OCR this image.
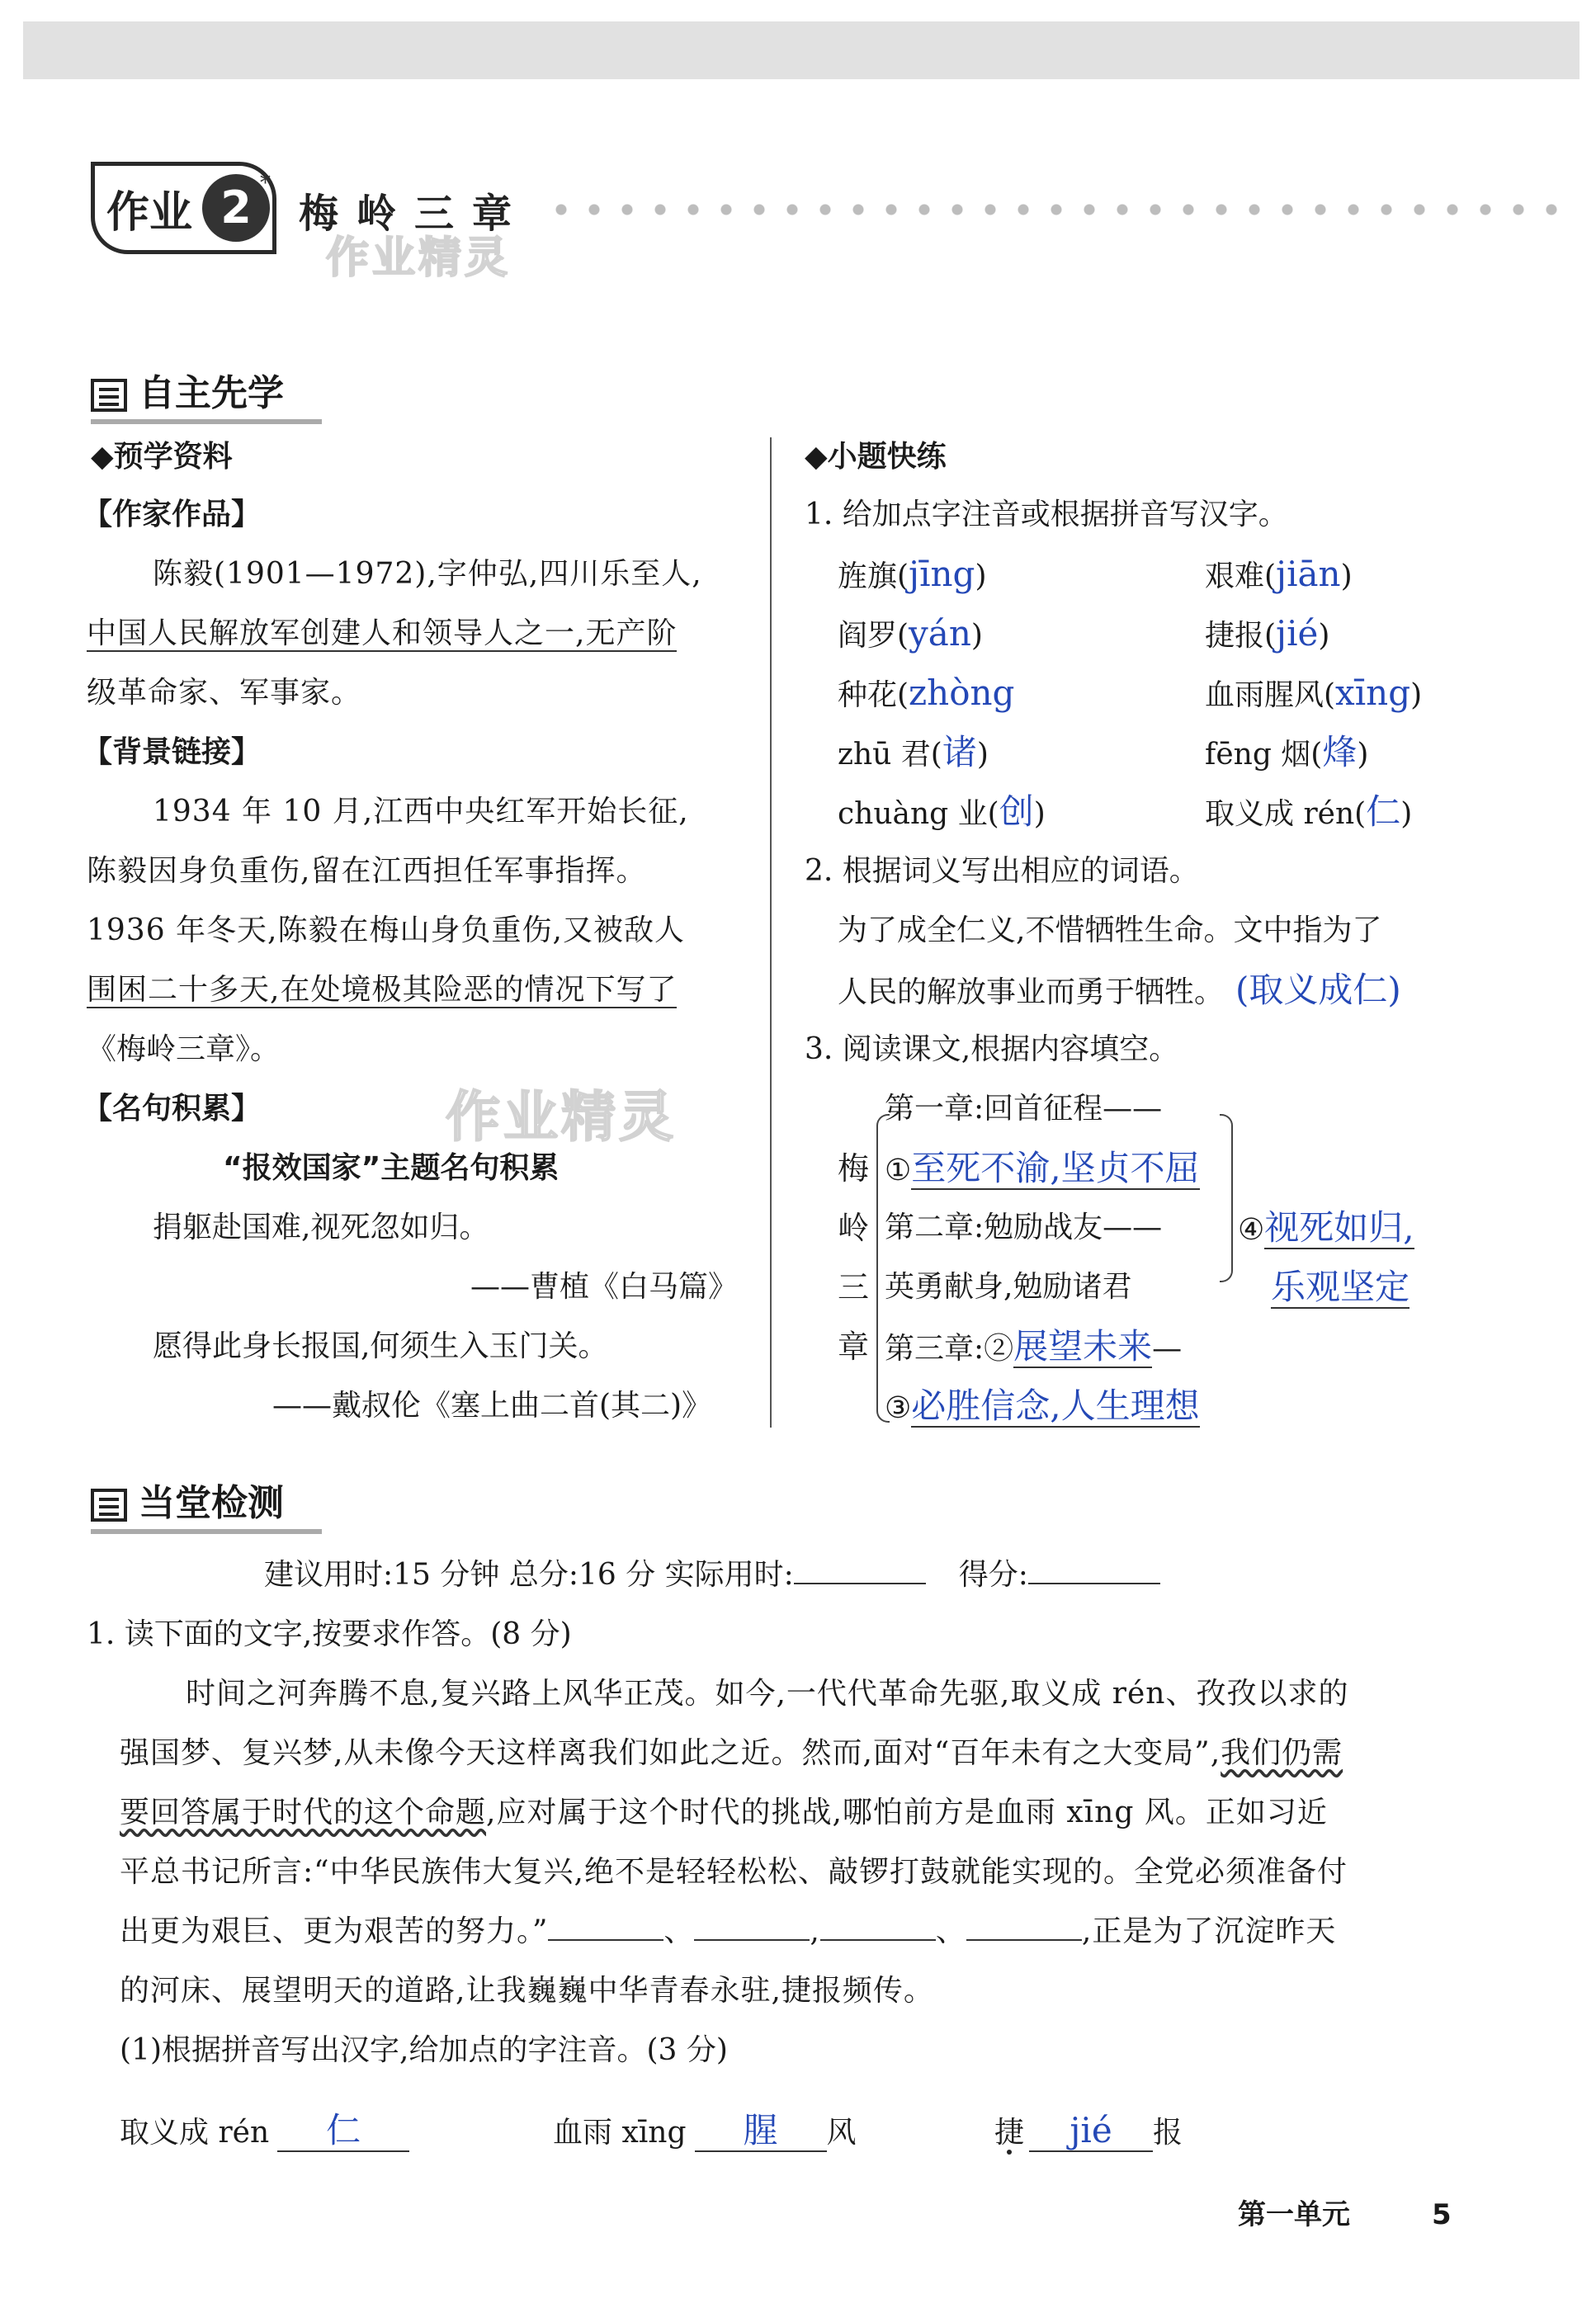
作业 2 *
梅岭三章
作业精灵
作业精灵
自主先学
◆预学资料
【作家作品】
陈毅(1901—1972),字仲弘,四川乐至人,
中国人民解放军创建人和领导人之一,无产阶
级革命家、军事家。
【背景链接】
1934 年 10 月,江西中央红军开始长征,
陈毅因身负重伤,留在江西担任军事指挥。
1936 年冬天,陈毅在梅山身负重伤,又被敌人
围困二十多天,在处境极其险恶的情况下写了
《梅岭三章》。
【名句积累】
“报效国家”主题名句积累
捐躯赴国难,视死忽如归。
——曹植《白马篇》
愿得此身长报国,何须生入玉门关。
——戴叔伦《塞上曲二首(其二)》
◆小题快练
1. 给加点字注音或根据拼音写汉字。
旌旗(jīng)	艰难(jiān)
阎罗(yán)	捷报(jié)
种花(zhòng	血雨腥风(xīng)
zhū 君(诸)	fēng 烟(烽)
chuàng 业(创)	取义成 rén(仁)
2. 根据词义写出相应的词语。
为了成全仁义,不惜牺牲生命。文中指为了
人民的解放事业而勇于牺牲。 (取义成仁)
3. 阅读课文,根据内容填空。
梅
岭
三
章
第一章:回首征程——
①至死不渝,坚贞不屈
第二章:勉励战友——
英勇献身,勉励诸君
第三章:②展望未来—
③必胜信念,人生理想
④视死如归,
乐观坚定
当堂检测
建议用时:15 分钟 总分:16 分 实际用时:	得分:
1. 读下面的文字,按要求作答。(8 分)
时间之河奔腾不息,复兴路上风华正茂。如今,一代代革命先驱,取义成 rén、孜孜以求的
强国梦、复兴梦,从未像今天这样离我们如此之近。然而,面对“百年未有之大变局”,我们仍需
要回答属于时代的这个命题,应对属于这个时代的挑战,哪怕前方是血雨 xīng 风。正如习近
平总书记所言:“中华民族伟大复兴,绝不是轻轻松松、敲锣打鼓就能实现的。全党必须准备付
出更为艰巨、更为艰苦的努力。”	、	,	、	,正是为了沉淀昨天
的河床、展望明天的道路,让我巍巍中华青春永驻,捷报频传。
(1)根据拼音写出汉字,给加点的字注音。(3 分)
取义成 rén 仁	血雨 xīng 腥 风	捷 jié 报
第一单元	5
